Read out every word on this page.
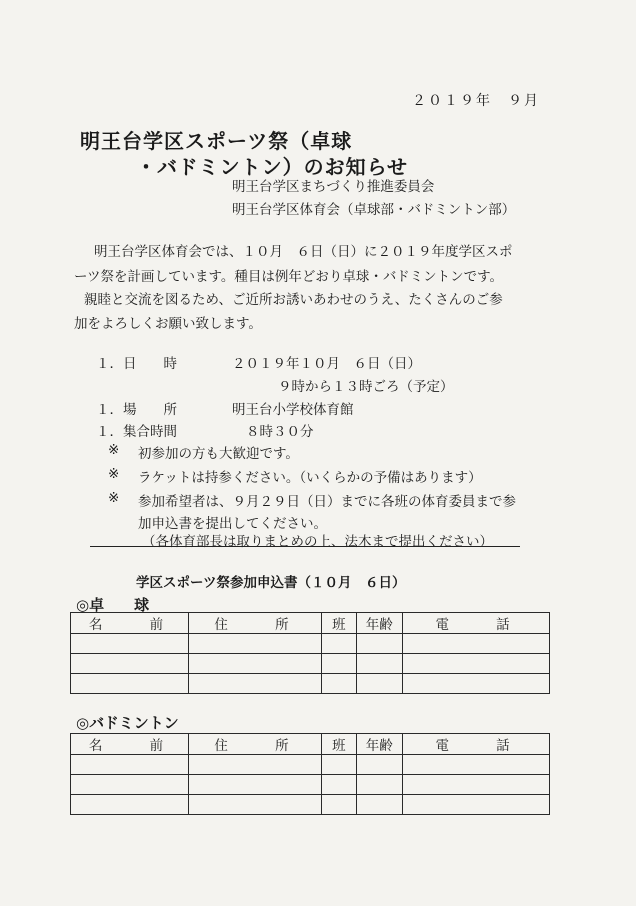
２０１９年　９月
明王台学区スポーツ祭（卓球
・バドミントン）のお知らせ
明王台学区まちづくり推進委員会
明王台学区体育会（卓球部・バドミントン部）
明王台学区体育会では、１０月　６日（日）に２０１９年度学区スポ
ーツ祭を計画しています。種目は例年どおり卓球・バドミントンです。
親睦と交流を図るため、ご近所お誘いあわせのうえ、たくさんのご参
加をよろしくお願い致します。
１．日　　時	２０１９年１０月　６日（日）
９時から１３時ごろ（予定）
１．場　　所	明王台小学校体育館
１．集合時間	８時３０分
※ 初参加の方も大歓迎です。
※ ラケットは持参ください。（いくらかの予備はあります）
※ 参加希望者は、９月２９日（日）までに各班の体育委員まで参
加申込書を提出してください。
（各体育部長は取りまとめの上、法木まで提出ください）
学区スポーツ祭参加申込書（１０月　６日）
◎卓　　球
名　　前	住　　所	班	年齢	電　　話

◎バドミントン
名　　前	住　　所	班	年齢	電　　話
